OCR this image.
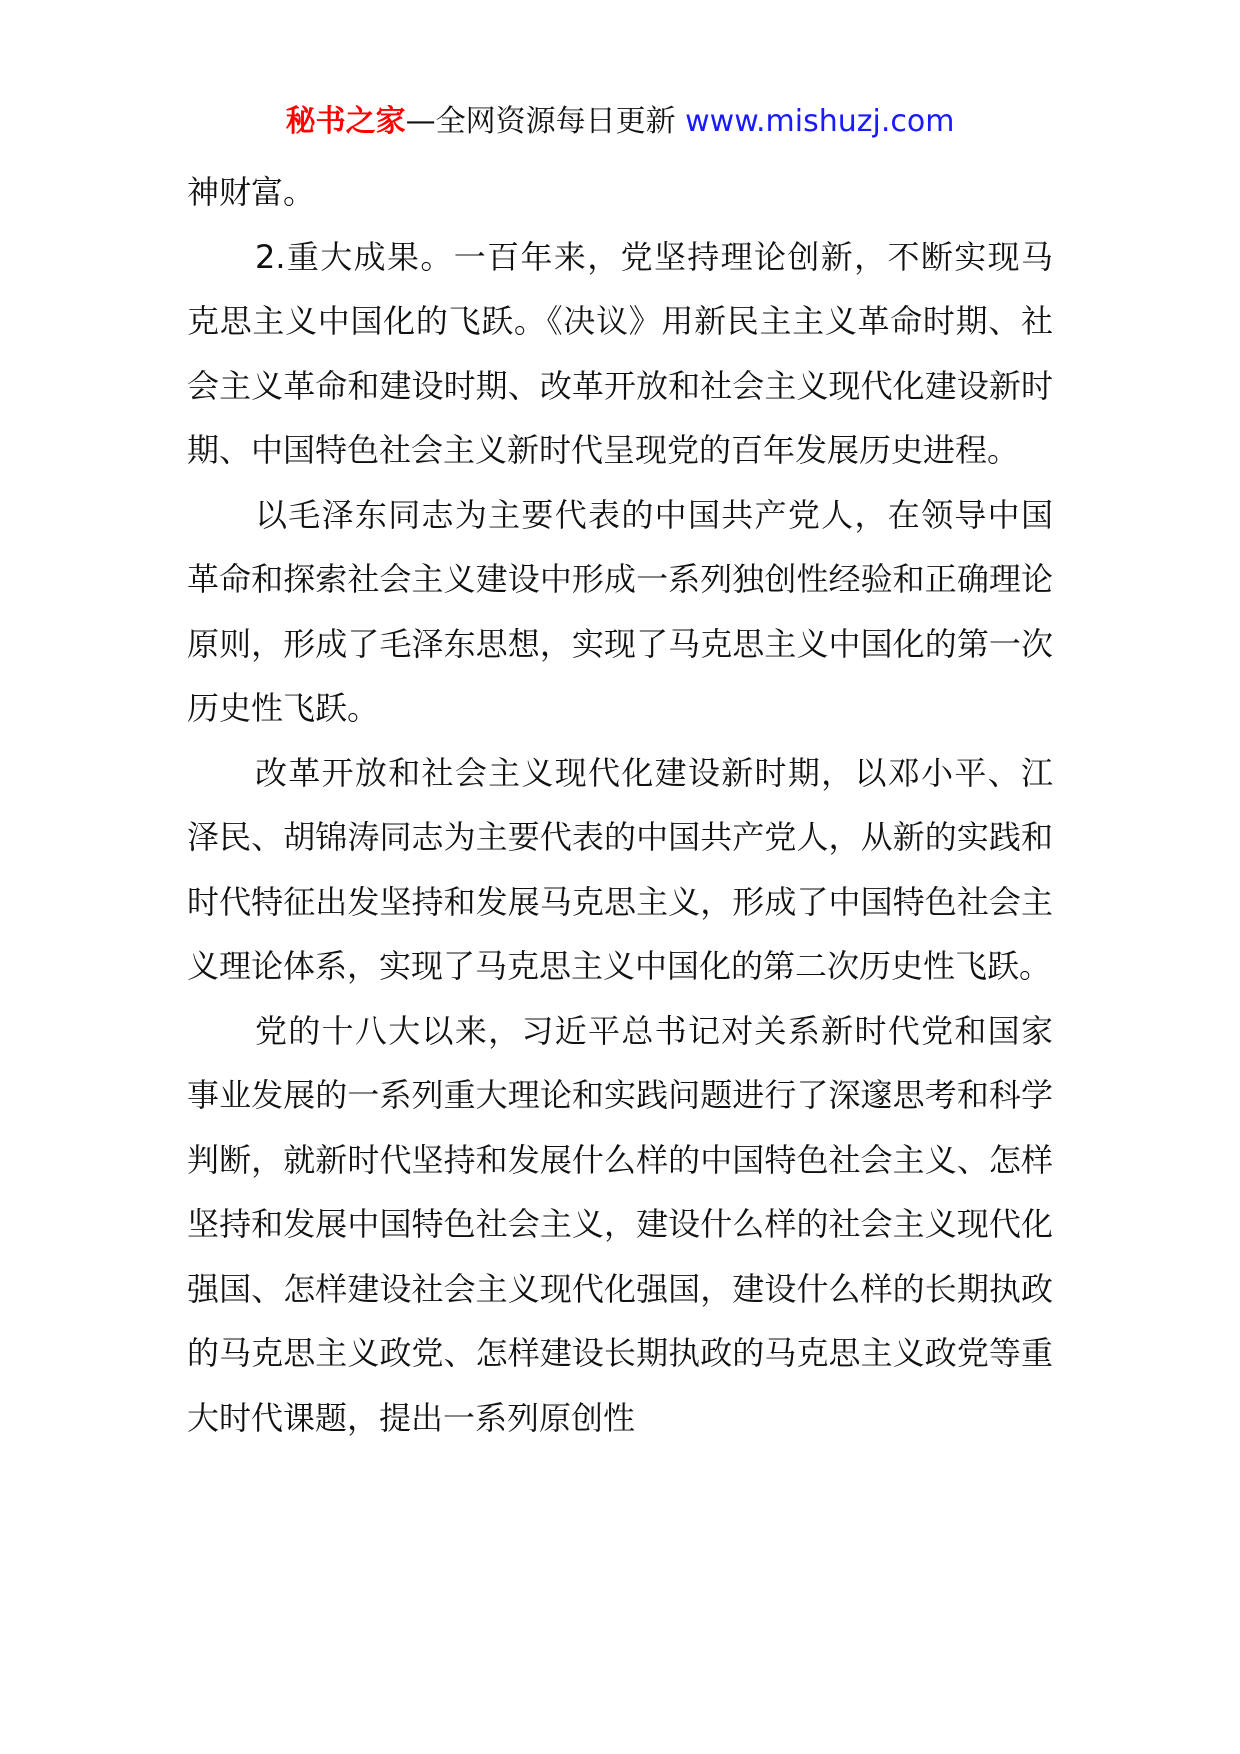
秘书之家—全网资源每日更新 www.mishuzj.com

神财富。

2.重大成果。一百年来，党坚持理论创新，不断实现马克思主义中国化的飞跃。《决议》用新民主主义革命时期、社会主义革命和建设时期、改革开放和社会主义现代化建设新时期、中国特色社会主义新时代呈现党的百年发展历史进程。

以毛泽东同志为主要代表的中国共产党人，在领导中国革命和探索社会主义建设中形成一系列独创性经验和正确理论原则，形成了毛泽东思想，实现了马克思主义中国化的第一次历史性飞跃。

改革开放和社会主义现代化建设新时期，以邓小平、江泽民、胡锦涛同志为主要代表的中国共产党人，从新的实践和时代特征出发坚持和发展马克思主义，形成了中国特色社会主义理论体系，实现了马克思主义中国化的第二次历史性飞跃。

党的十八大以来，习近平总书记对关系新时代党和国家事业发展的一系列重大理论和实践问题进行了深邃思考和科学判断，就新时代坚持和发展什么样的中国特色社会主义、怎样坚持和发展中国特色社会主义，建设什么样的社会主义现代化强国、怎样建设社会主义现代化强国，建设什么样的长期执政的马克思主义政党、怎样建设长期执政的马克思主义政党等重大时代课题，提出一系列原创性
